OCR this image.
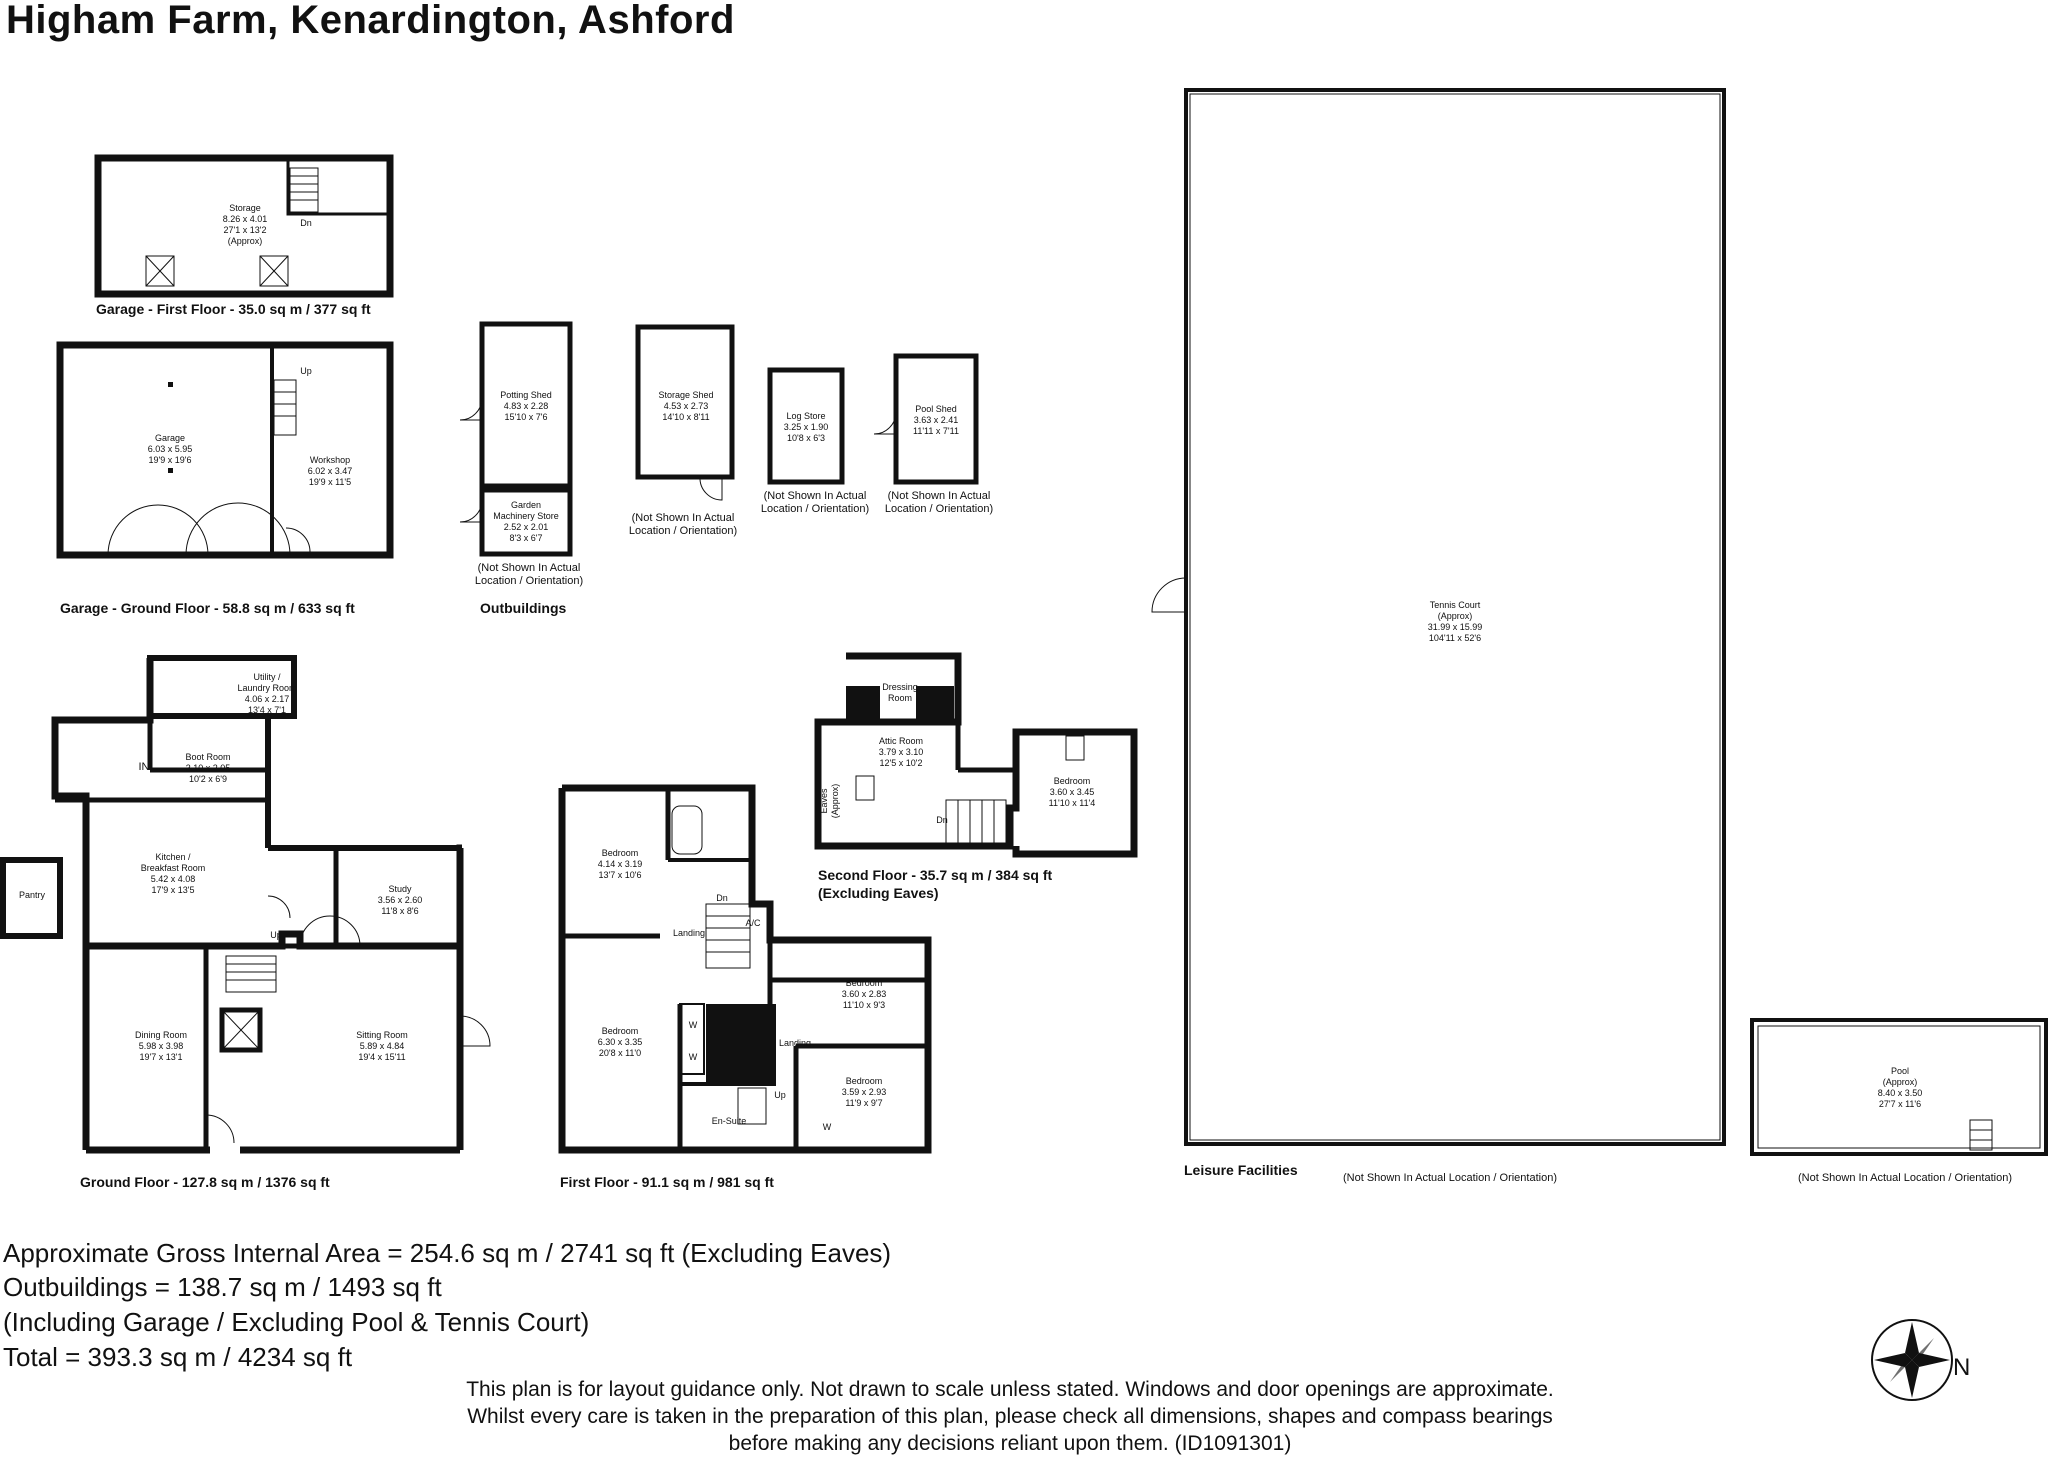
Higham Farm, Kenardington, Ashford
Storage
8.26 x 4.01
27'1 x 13'2
(Approx)
Dn
Garage
6.03 x 5.95
19'9 x 19'6	Workshop
6.02 x 3.47
19'9 x 11'5
Up
Potting Shed
4.83 x 2.28
15'10 x 7'6
Garden
Machinery Store
2.52 x 2.01
8'3 x 6'7
Storage Shed
4.53 x 2.73
14'10 x 8'11	Log Store
3.25 x 1.90
10'8 x 6'3
Pool Shed
3.63 x 2.41
11'11 x 7'11
Tennis Court
(Approx)
31.99 x 15.99
104'11 x 52'6
Pool
(Approx)
8.40 x 3.50
27'7 x 11'6
Utility /
Laundry Room
4.06 x 2.17
13'4 x 7'1
Boot Room
3.10 x 2.05
10'2 x 6'9
Kitchen /
Breakfast Room
5.42 x 4.08
17'9 x 13'5
Pantry
Study
3.56 x 2.60
11'8 x 8'6
Dining Room
5.98 x 3.98
19'7 x 13'1
Sitting Room
5.89 x 4.84
19'4 x 15'11
IN
Up
Bedroom
4.14 x 3.19
13'7 x 10'6
Bedroom
6.30 x 3.35
20'8 x 11'0
Bedroom
3.60 x 2.83
11'10 x 9'3
Bedroom
3.59 x 2.93
11'9 x 9'7
En-Suite
Landing
Landing
Dn
Up
A/C
W
W
W
Dressing
Room
Attic Room
3.79 x 3.10
12'5 x 10'2
Bedroom
3.60 x 3.45
11'10 x 11'4
Eaves
(Approx)
Dn
Garage - First Floor - 35.0 sq m / 377 sq ft
Garage - Ground Floor - 58.8 sq m / 633 sq ft	Outbuildings
Ground Floor - 127.8 sq m / 1376 sq ft	First Floor - 91.1 sq m / 981 sq ft
Second Floor - 35.7 sq m / 384 sq ft
(Excluding Eaves)
Leisure Facilities
(Not Shown In Actual
Location / Orientation)
(Not Shown In Actual
Location / Orientation)
(Not Shown In Actual
Location / Orientation)
(Not Shown In Actual
Location / Orientation)
(Not Shown In Actual Location / Orientation)	(Not Shown In Actual Location / Orientation)
Approximate Gross Internal Area = 254.6 sq m / 2741 sq ft (Excluding Eaves)
Outbuildings = 138.7 sq m / 1493 sq ft
(Including Garage / Excluding Pool & Tennis Court)
Total = 393.3 sq m / 4234 sq ft
This plan is for layout guidance only. Not drawn to scale unless stated. Windows and door openings are approximate. Whilst every care is taken in the preparation of this plan, please check all dimensions, shapes and compass bearings before making any decisions reliant upon them. (ID1091301)
N
